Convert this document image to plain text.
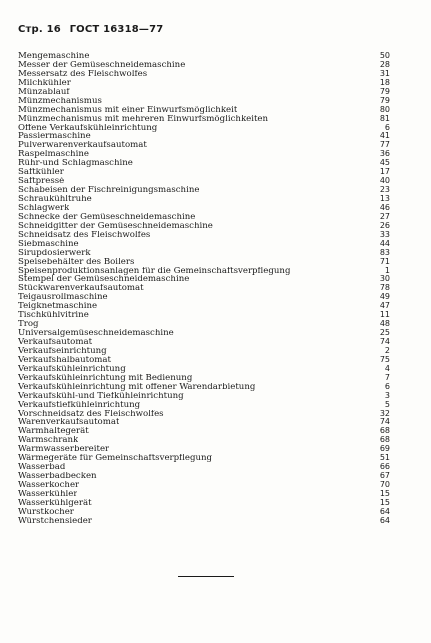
Стр. 16 ГОСТ 16318—77
Mengemaschine	50
Messer der Gemüseschneidemaschine	28
Messersatz des Fleischwolfes	31
Milchkühler	18
Münzablauf	79
Münzmechanismus	79
Münzmechanismus mit einer Einwurfsmöglichkeit	80
Münzmechanismus mit mehreren Einwurfsmöglichkeiten	81
Offene Verkaufskühleinrichtung	6
Passiermaschine	41
Pulverwarenverkaufsautomat	77
Raspelmaschine	36
Rühr-und Schlagmaschine	45
Saftkühler	17
Saftpressé	40
Schabeisen der Fischreinigungsmaschine	23
Schraukühltruhe	13
Schlagwerk	46
Schnecke der Gemüseschneidemaschine	27
Schneidgitter der Gemüseschneidemaschine	26
Schneidsatz des Fleischwolfes	33
Siebmaschine	44
Sirupdosierwerk	83
Speisebehälter des Boilers	71
Speisenproduktionsanlagen für die Gemeinschaftsverpflegung	1
Stempel der Gemüseschneidemaschine	30
Stückwarenverkaufsautomat	78
Teigausrollmaschine	49
Teigknetmaschine	47
Tischkühlvitrine	11
Trog	48
Universalgemüseschneidemaschine	25
Verkaufsautomat	74
Verkaufseinrichtung	2
Verkaufshalbautomat	75
Verkaufskühleinrichtung	4
Verkaufskühleinrichtung mit Bedienung	7
Verkaufskühleinrichtung mit offener Warendarbietung	6
Verkaufskühl-und Tiefkühleinrichtung	3
Verkaufstiefkühleinrichtung	5
Vorschneidsatz des Fleischwolfes	32
Warenverkaufsautomat	74
Warmhaltegerät	68
Warmschrank	68
Warmwasserbereiter	69
Wärmegeräte für Gemeinschaftsverpflegung	51
Wasserbad	66
Wasserbadbecken	67
Wasserkocher	70
Wasserkühler	15
Wasserkühlgerät	15
Wurstkocher	64
Würstchensieder	64
